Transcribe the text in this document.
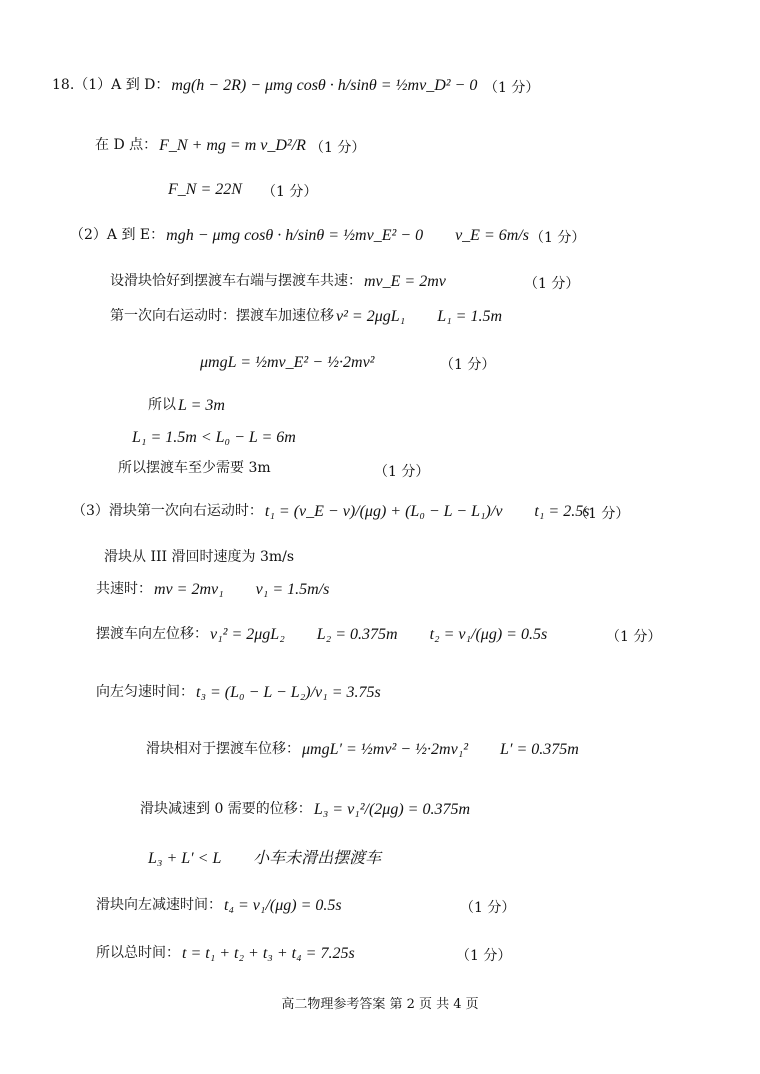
18.（1）A 到 D： mg(h − 2R) − μmg cosθ · h/sinθ = ½mv_D² − 0 （1 分）
在 D 点： F_N + mg = m v_D²/R （1 分）
F_N = 22N （1 分）
（2）A 到 E： mgh − μmg cosθ · h/sinθ = ½mv_E² − 0　　v_E = 6m/s （1 分）
设滑块恰好到摆渡车右端与摆渡车共速： mv_E = 2mv	（1 分）
第一次向右运动时：摆渡车加速位移 v² = 2μgL₁　　L₁ = 1.5m
μmgL = ½mv_E² − ½·2mv²	（1 分）
所以 L = 3m
L₁ = 1.5m < L₀ − L = 6m
所以摆渡车至少需要 3m	（1 分）
（3）滑块第一次向右运动时： t₁ = (v_E − v)/(μg) + (L₀ − L − L₁)/v　　t₁ = 2.5s
（1 分）
滑块从 III 滑回时速度为 3m/s
共速时： mv = 2mv₁　　v₁ = 1.5m/s
摆渡车向左位移： v₁² = 2μgL₂　　L₂ = 0.375m　　t₂ = v₁/(μg) = 0.5s	（1 分）
向左匀速时间： t₃ = (L₀ − L − L₂)/v₁ = 3.75s
滑块相对于摆渡车位移： μmgL′ = ½mv² − ½·2mv₁²　　L′ = 0.375m
滑块减速到 0 需要的位移： L₃ = v₁²/(2μg) = 0.375m
L₃ + L′ < L　　小车未滑出摆渡车
滑块向左减速时间： t₄ = v₁/(μg) = 0.5s	（1 分）
所以总时间： t = t₁ + t₂ + t₃ + t₄ = 7.25s	（1 分）
高二物理参考答案 第 2 页 共 4 页
